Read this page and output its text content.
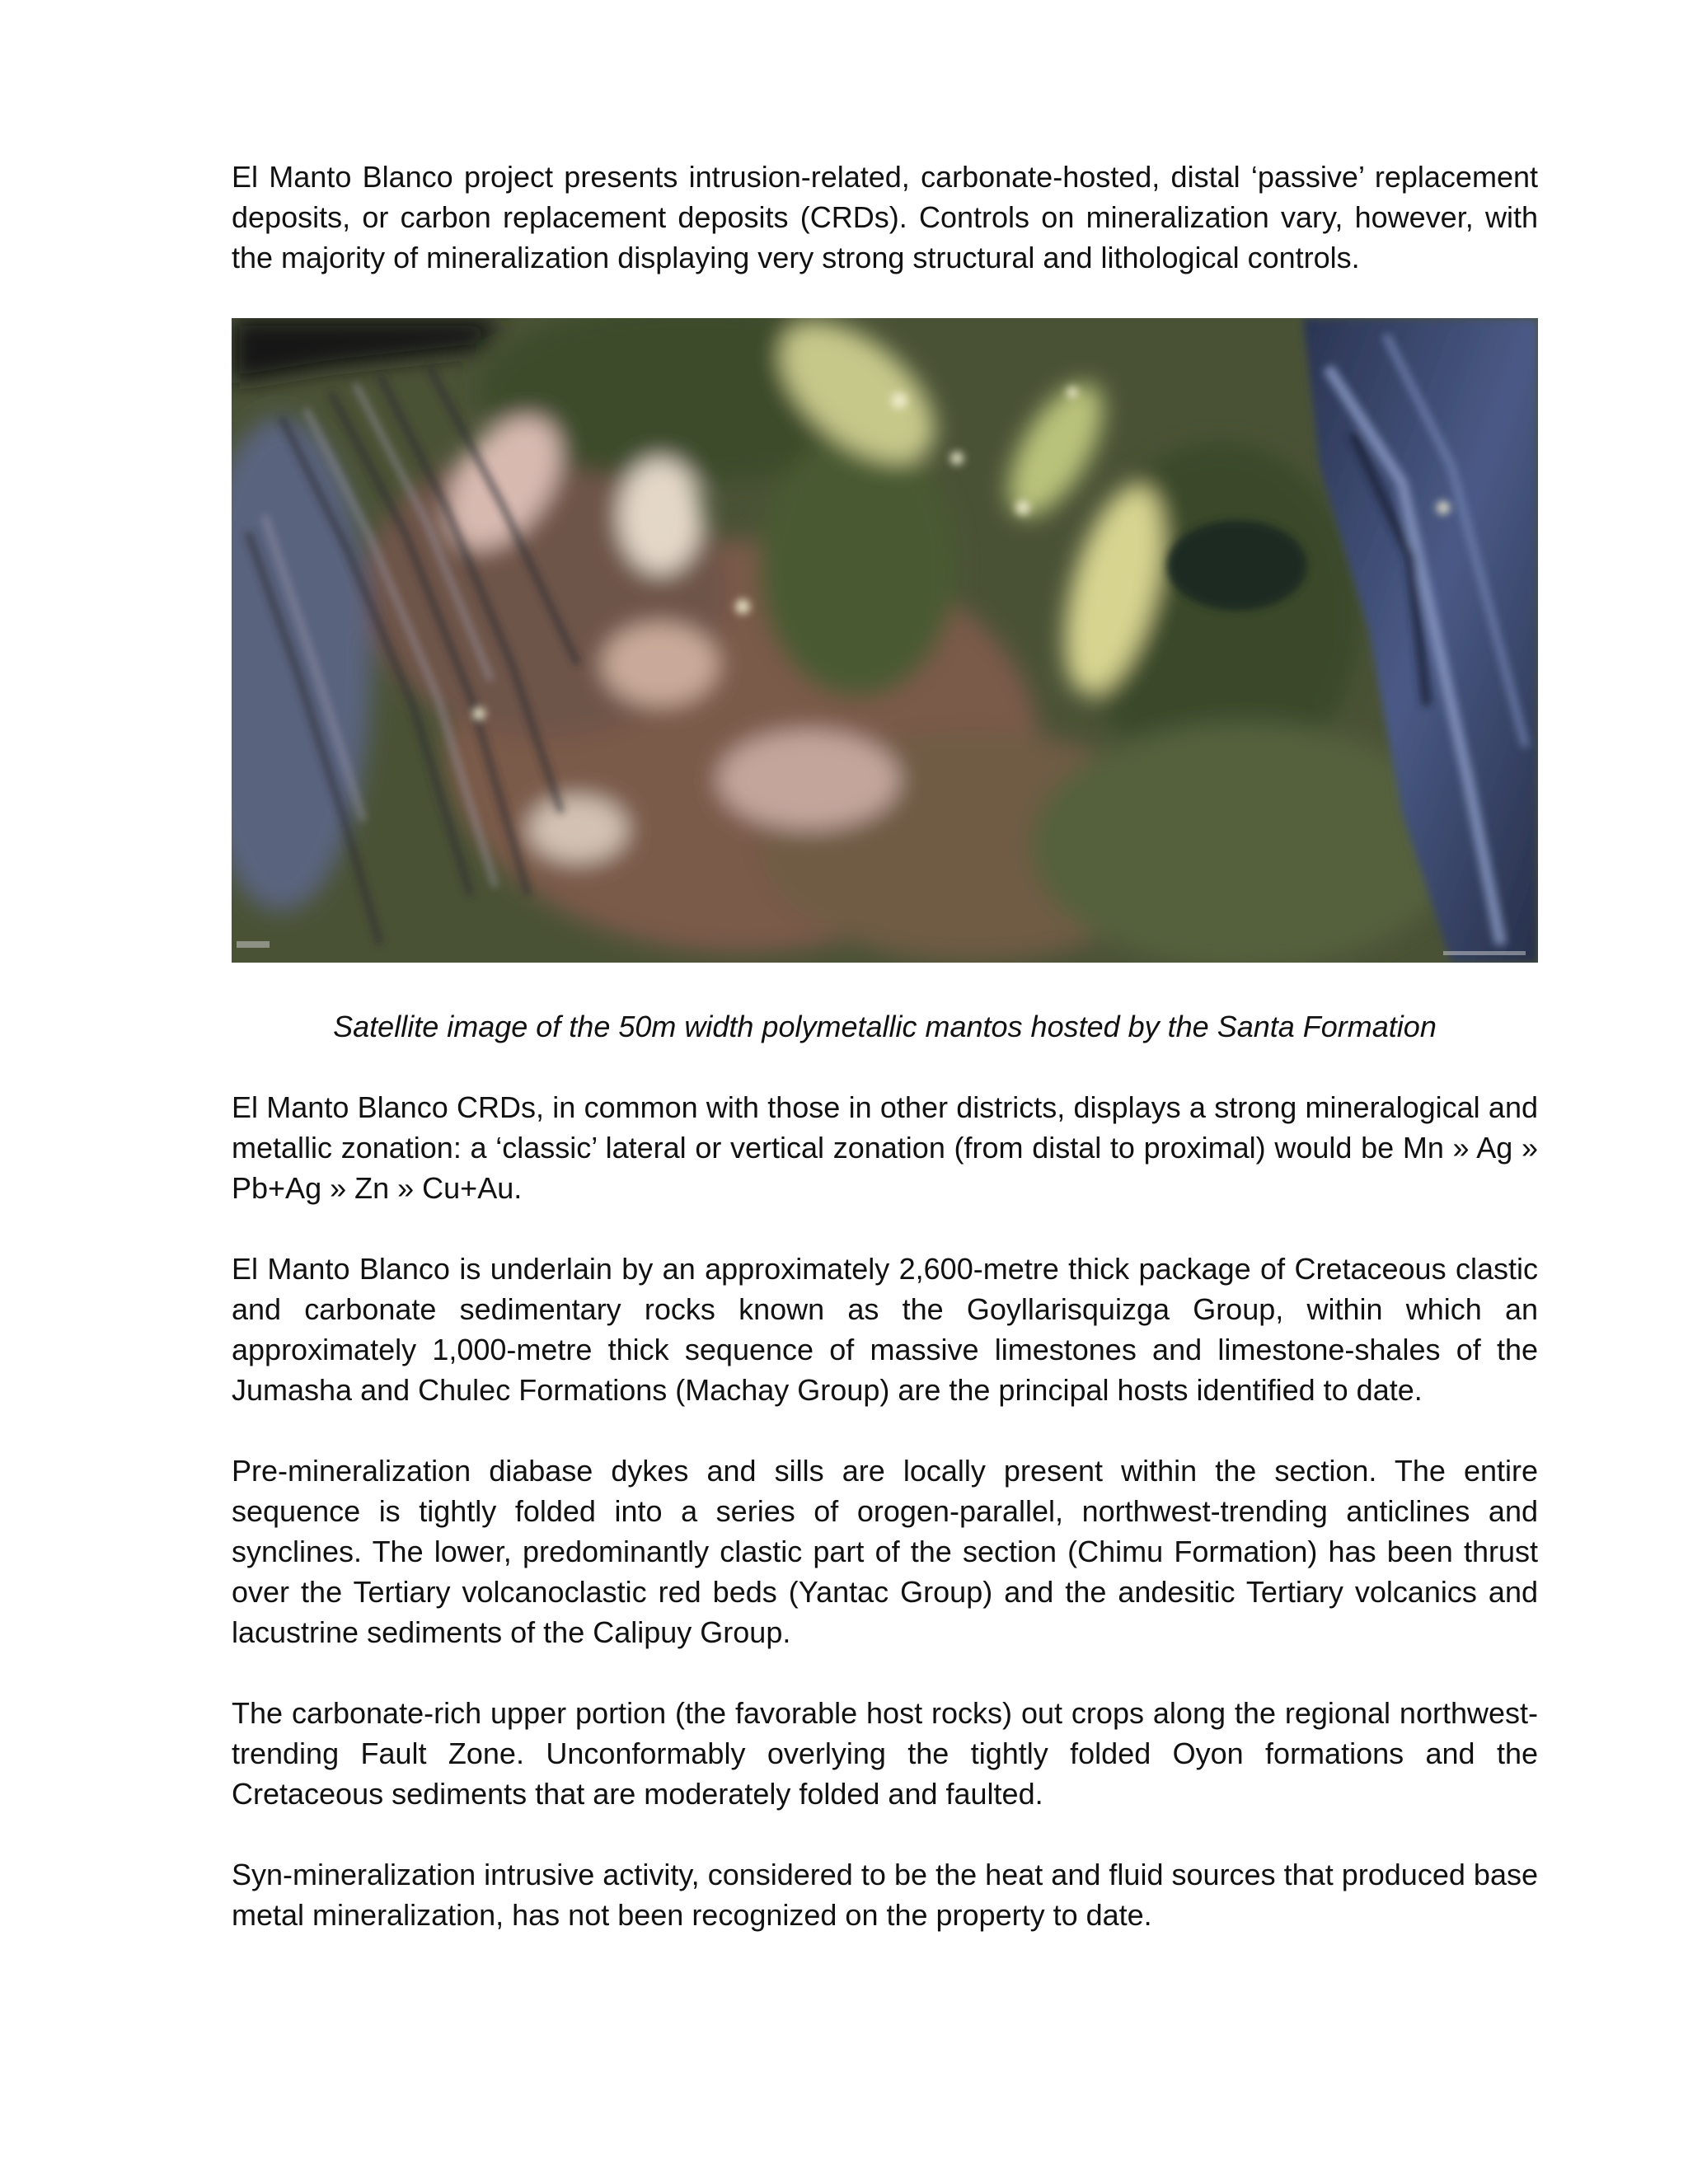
El Manto Blanco project presents intrusion-related, carbonate-hosted, distal ‘passive’ replacement deposits, or carbon replacement deposits (CRDs). Controls on mineralization vary, however, with the majority of mineralization displaying very strong structural and lithological controls.

Satellite image of the 50m width polymetallic mantos hosted by the Santa Formation

El Manto Blanco CRDs, in common with those in other districts, displays a strong mineralogical and metallic zonation: a ‘classic’ lateral or vertical zonation (from distal to proximal) would be Mn » Ag » Pb+Ag » Zn » Cu+Au.

El Manto Blanco is underlain by an approximately 2,600-metre thick package of Cretaceous clastic and carbonate sedimentary rocks known as the Goyllarisquizga Group, within which an approximately 1,000-metre thick sequence of massive limestones and limestone-shales of the Jumasha and Chulec Formations (Machay Group) are the principal hosts identified to date.

Pre-mineralization diabase dykes and sills are locally present within the section. The entire sequence is tightly folded into a series of orogen-parallel, northwest-trending anticlines and synclines. The lower, predominantly clastic part of the section (Chimu Formation) has been thrust over the Tertiary volcanoclastic red beds (Yantac Group) and the andesitic Tertiary volcanics and lacustrine sediments of the Calipuy Group.

The carbonate-rich upper portion (the favorable host rocks) out crops along the regional northwest-trending Fault Zone. Unconformably overlying the tightly folded Oyon formations and the Cretaceous sediments that are moderately folded and faulted.

Syn-mineralization intrusive activity, considered to be the heat and fluid sources that produced base metal mineralization, has not been recognized on the property to date.
